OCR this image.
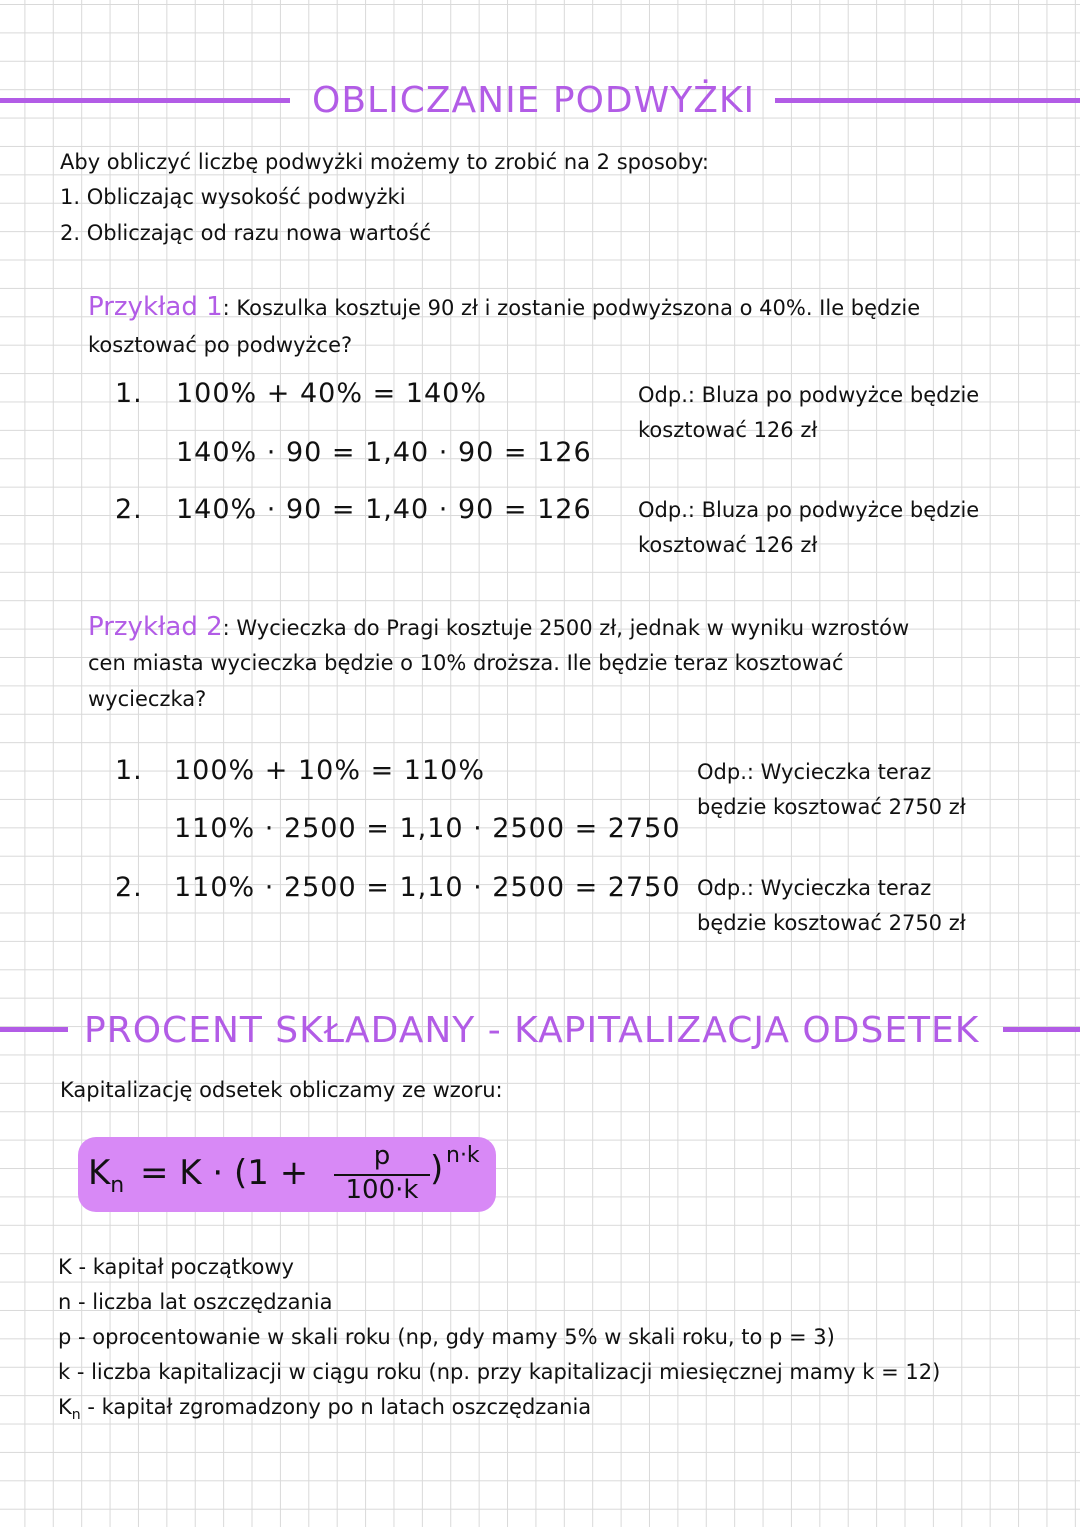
OBLICZANIE PODWYŻKI
Aby obliczyć liczbę podwyżki możemy to zrobić na 2 sposoby:
1. Obliczając wysokość podwyżki
2. Obliczając od razu nowa wartość
Przykład 1: Koszulka kosztuje 90 zł i zostanie podwyższona o 40%. Ile będzie
kosztować po podwyżce?
1. 100% + 40% = 140%
140% · 90 = 1,40 · 90 = 126
Odp.: Bluza po podwyżce będzie
kosztować 126 zł
2. 140% · 90 = 1,40 · 90 = 126 Odp.: Bluza po podwyżce będzie
kosztować 126 zł
Przykład 2: Wycieczka do Pragi kosztuje 2500 zł, jednak w wyniku wzrostów
cen miasta wycieczka będzie o 10% droższa. Ile będzie teraz kosztować
wycieczka?
1. 100% + 10% = 110%
110% · 2500 = 1,10 · 2500 = 2750
Odp.: Wycieczka teraz
będzie kosztować 2750 zł
2. 110% · 2500 = 1,10 · 2500 = 2750 Odp.: Wycieczka teraz
będzie kosztować 2750 zł
PROCENT SKŁADANY - KAPITALIZACJA ODSETEK
Kapitalizację odsetek obliczamy ze wzoru:
$K_n = K \cdot (1$ +	p
100·k
) n·k
K - kapitał początkowy
n - liczba lat oszczędzania
p - oprocentowanie w skali roku (np, gdy mamy 5% w skali roku, to p = 3)
k - liczba kapitalizacji w ciągu roku (np. przy kapitalizacji miesięcznej mamy k = 12)
$K_n$ - kapitał zgromadzony po n latach oszczędzania
